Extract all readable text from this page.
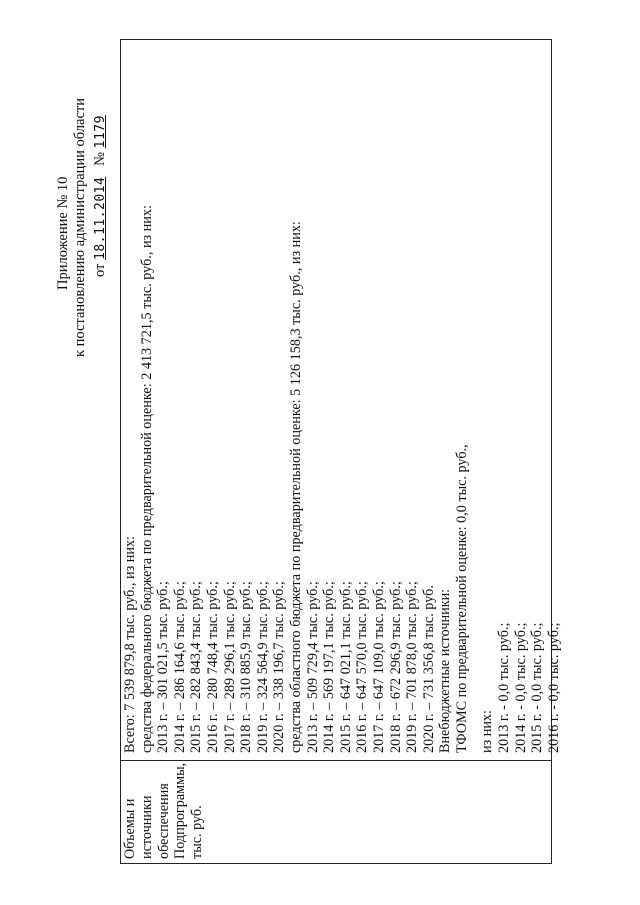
Приложение № 10 к постановлению администрации области от 18.11.2014   № 1179
Объемы и источники обеспечения Подпрограммы, тыс. руб.
Всего: 7 539 879,8 тыс. руб., из них: средства федерального бюджета по предварительной оценке: 2 413 721,5 тыс. руб., из них: 2013 г. – 301 021,5 тыс. руб.; 2014 г. – 286 164,6 тыс. руб.; 2015 г. – 282 843,4 тыс. руб.; 2016 г. – 280 748,4 тыс. руб.; 2017 г. – 289 296,1 тыс. руб.; 2018 г. – 310 885,9 тыс. руб.; 2019 г. – 324 564,9 тыс. руб.; 2020 г. – 338 196,7 тыс. руб.; средства областного бюджета по предварительной оценке: 5 126 158,3 тыс. руб., из них: 2013 г. – 509 729,4 тыс. руб.; 2014 г. – 569 197,1 тыс. руб.; 2015 г. – 647 021,1 тыс. руб.; 2016 г. – 647 570,0 тыс. руб.; 2017 г. – 647 109,0 тыс. руб.; 2018 г. – 672 296,9 тыс. руб.; 2019 г. – 701 878,0 тыс. руб.; 2020 г. – 731 356,8 тыс. руб. Внебюджетные источники: ТФОМС по предварительной оценке: 0,0 тыс. руб., из них: 2013 г. - 0,0 тыс. руб.; 2014 г. - 0,0 тыс. руб.; 2015 г. - 0,0 тыс. руб.; 2016 г. - 0,0 тыс. руб.;
